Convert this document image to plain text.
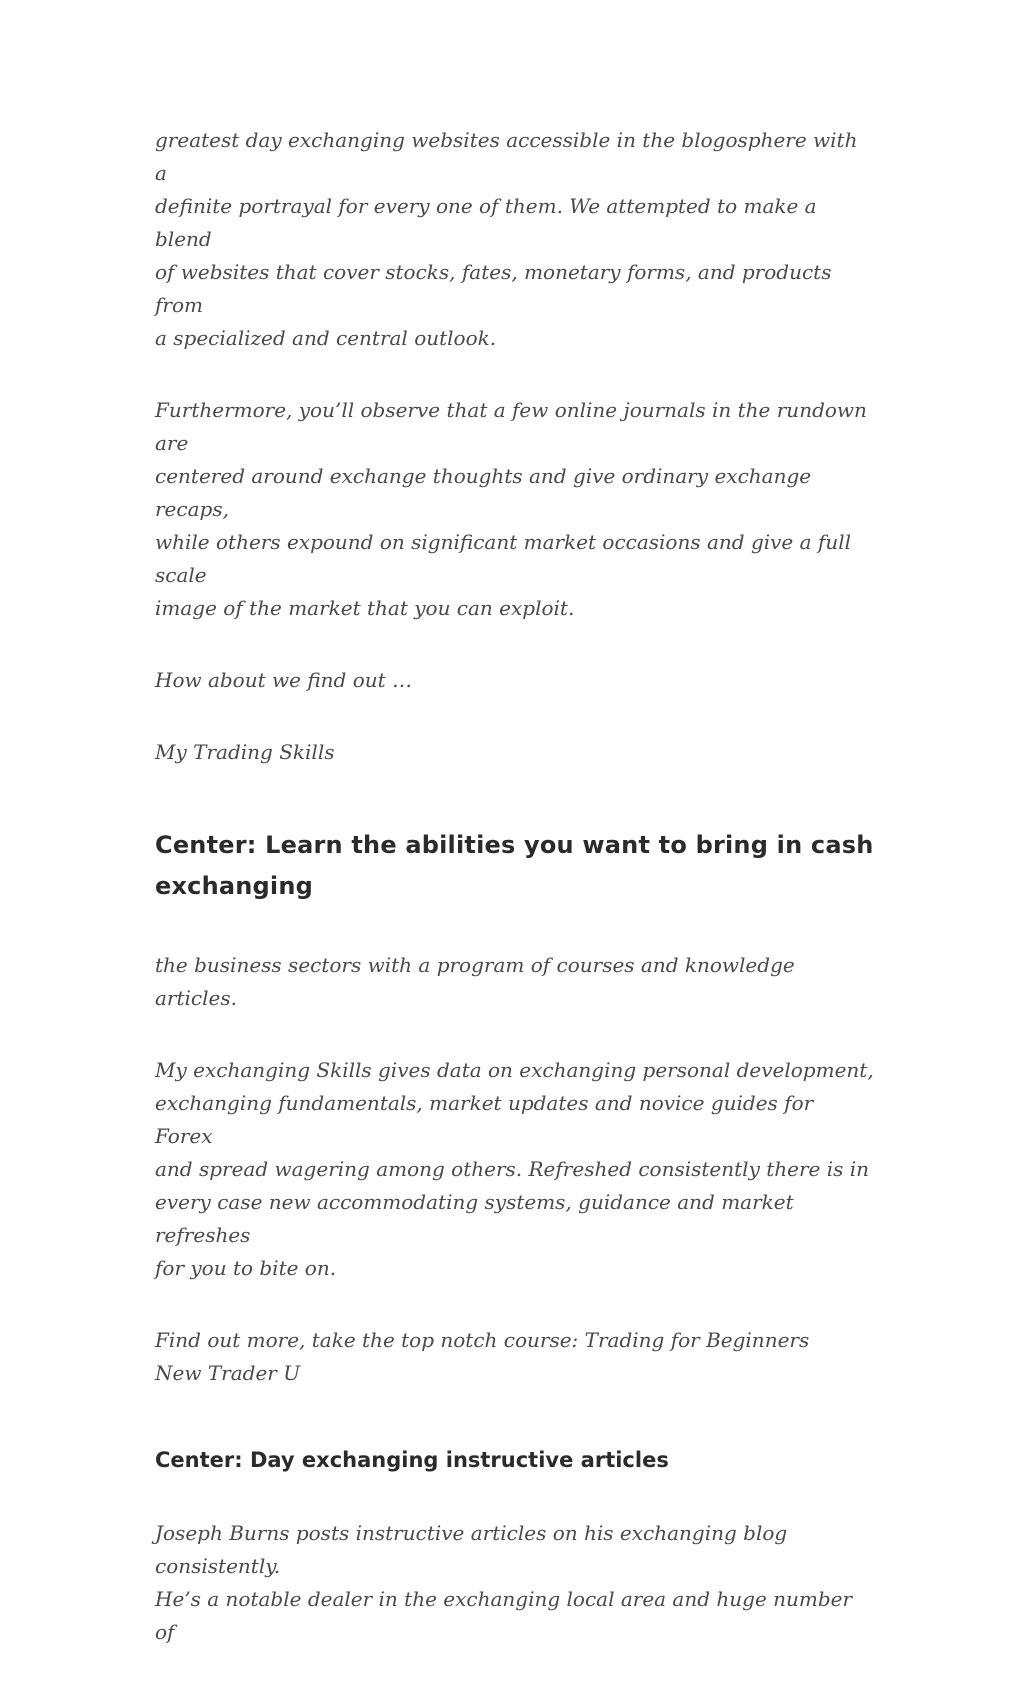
greatest day exchanging websites accessible in the blogosphere with a
definite portrayal for every one of them. We attempted to make a blend
of websites that cover stocks, fates, monetary forms, and products from
a specialized and central outlook.

Furthermore, you’ll observe that a few online journals in the rundown are
centered around exchange thoughts and give ordinary exchange recaps,
while others expound on significant market occasions and give a full scale
image of the market that you can exploit.

How about we find out …

My Trading Skills

Center: Learn the abilities you want to bring in cash
exchanging

the business sectors with a program of courses and knowledge articles.

My exchanging Skills gives data on exchanging personal development,
exchanging fundamentals, market updates and novice guides for Forex
and spread wagering among others. Refreshed consistently there is in
every case new accommodating systems, guidance and market refreshes
for you to bite on.

Find out more, take the top notch course: Trading for Beginners
New Trader U

Center: Day exchanging instructive articles

Joseph Burns posts instructive articles on his exchanging blog consistently.
He’s a notable dealer in the exchanging local area and huge number of
